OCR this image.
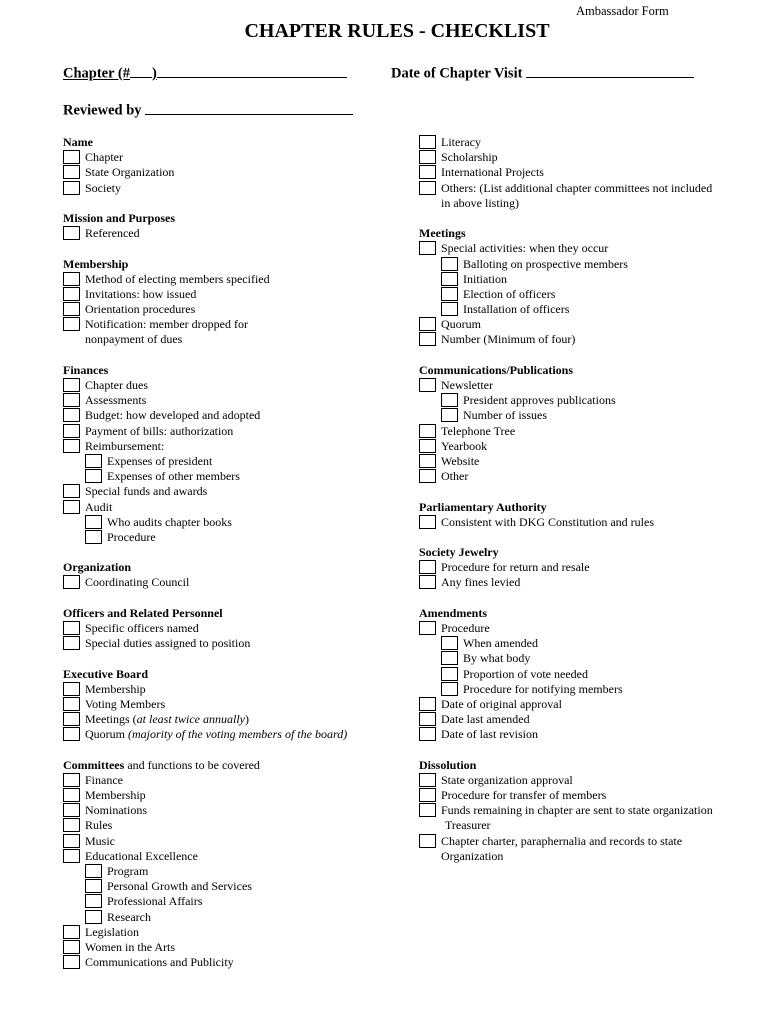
Ambassador Form
CHAPTER RULES - CHECKLIST
Chapter (# )	Date of Chapter Visit
Reviewed by
Name
Chapter
State Organization
Society
Mission and Purposes
Referenced
Membership
Method of electing members specified
Invitations: how issued
Orientation procedures
Notification: member dropped for
nonpayment of dues
Finances
Chapter dues
Assessments
Budget: how developed and adopted
Payment of bills: authorization
Reimbursement:
Expenses of president
Expenses of other members
Special funds and awards
Audit
Who audits chapter books
Procedure
Organization
Coordinating Council
Officers and Related Personnel
Specific officers named
Special duties assigned to position
Executive Board
Membership
Voting Members
Meetings (at least twice annually)
Quorum (majority of the voting members of the board)
Committees and functions to be covered
Finance
Membership
Nominations
Rules
Music
Educational Excellence
Program
Personal Growth and Services
Professional Affairs
Research
Legislation
Women in the Arts
Communications and Publicity
Literacy
Scholarship
International Projects
Others: (List additional chapter committees not included
in above listing)
Meetings
Special activities: when they occur
Balloting on prospective members
Initiation
Election of officers
Installation of officers
Quorum
Number (Minimum of four)
Communications/Publications
Newsletter
President approves publications
Number of issues
Telephone Tree
Yearbook
Website
Other
Parliamentary Authority
Consistent with DKG Constitution and rules
Society Jewelry
Procedure for return and resale
Any fines levied
Amendments
Procedure
When amended
By what body
Proportion of vote needed
Procedure for notifying members
Date of original approval
Date last amended
Date of last revision
Dissolution
State organization approval
Procedure for transfer of members
Funds remaining in chapter are sent to state organization
Treasurer
Chapter charter, paraphernalia and records to state
Organization
